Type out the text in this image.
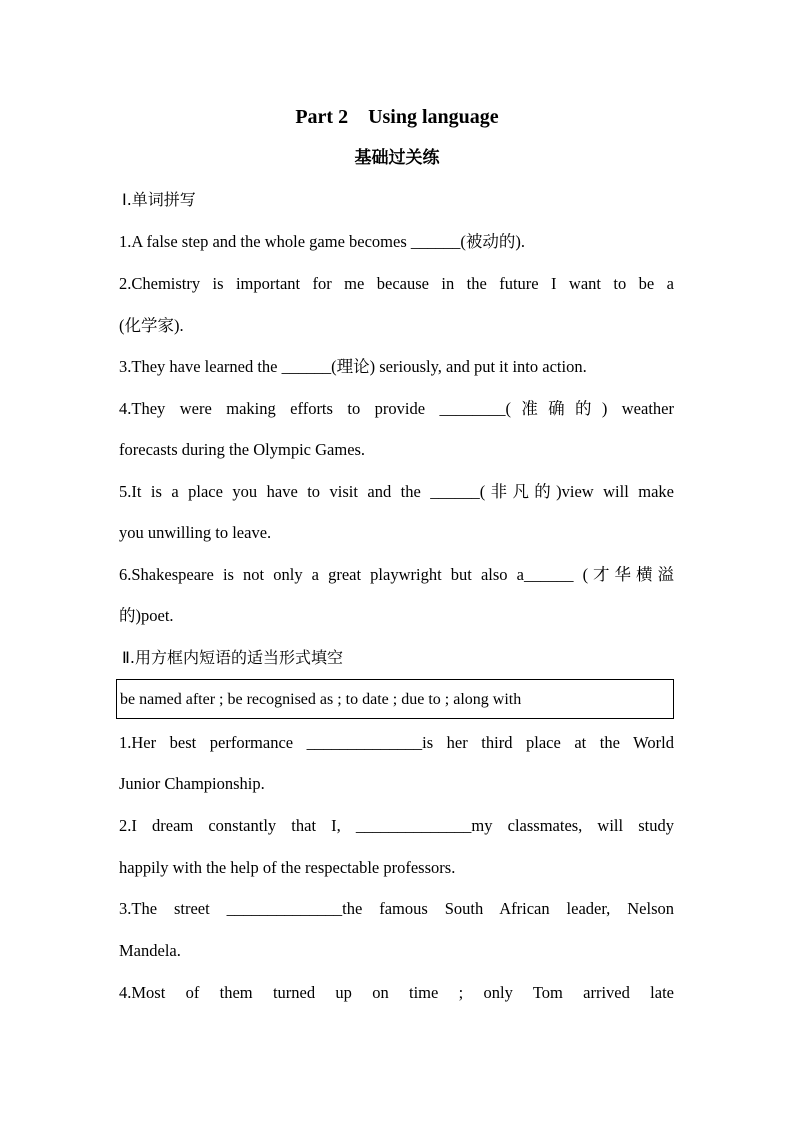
Part 2    Using language
基础过关练
Ⅰ.单词拼写
1.A false step and the whole game becomes ______(被动的).
2.Chemistry is important for me because in the future I want to be a
(化学家).
3.They have learned the ______(理论) seriously, and put it into action.
4.They were making efforts to provide ________(准确的) weather
forecasts during the Olympic Games.
5.It is a place you have to visit and the ______(非凡的)view will make
you unwilling to leave.
6.Shakespeare is not only a great playwright but also a______ (才华横溢
的)poet.
Ⅱ.用方框内短语的适当形式填空
be named after ; be recognised as ; to date ; due to ; along with
1.Her best performance ______________is her third place at the World
Junior Championship.
2.I dream constantly that I, ______________my classmates, will study
happily with the help of the respectable professors.
3.The street ______________the famous South African leader, Nelson
Mandela.
4.Most of them turned up on time ; only Tom arrived late
